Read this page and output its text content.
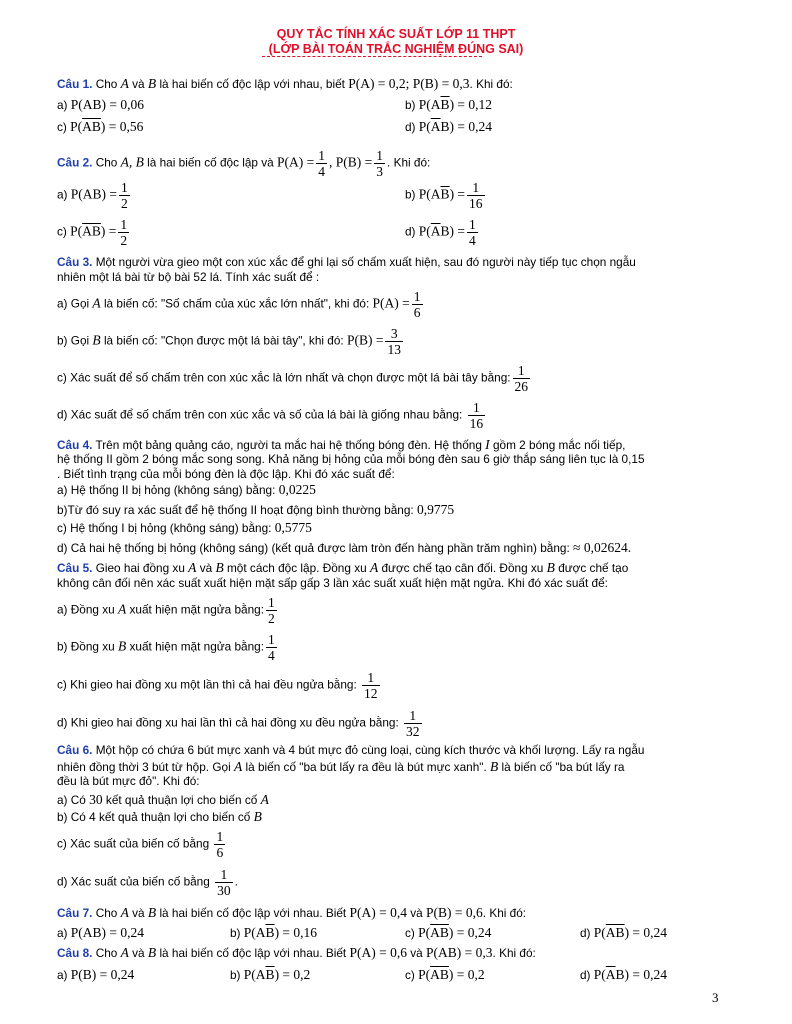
QUY TẮC TÍNH XÁC SUẤT LỚP 11 THPT
(LỚP BÀI TOÁN TRẮC NGHIỆM ĐÚNG SAI)
Câu 1. Cho A và B là hai biến cố độc lập với nhau, biết P(A) = 0,2; P(B) = 0,3. Khi đó:
a) P(AB) = 0,06	b) $P(A\overline{B}) = 0,12$
c) $P(\overline{AB}) = 0,56$	d) $P(\overline{A}B) = 0,24$
Câu 2. Cho A, B là hai biến cố độc lập và $P(A) = \frac{1}{4}$ , $P(B) = \frac{1}{3}$ . Khi đó:
a) $P(AB) = \frac{1}{2}$	b) $P(A\overline{B}) = \frac{1}{16}$
c) $P(\overline{AB}) = \frac{1}{2}$	d) $P(\overline{A}B) = \frac{1}{4}$
Câu 3. Một người vừa gieo một con xúc xắc để ghi lại số chấm xuất hiện, sau đó người này tiếp tục chọn ngẫu
nhiên một lá bài từ bộ bài 52 lá. Tính xác suất để :
a) Gọi A là biến cố: "Số chấm của xúc xắc lớn nhất", khi đó: $P(A) = \frac{1}{6}$
b) Gọi B là biến cố: "Chọn được một lá bài tây", khi đó: $P(B) = \frac{3}{13}$
c) Xác suất để số chấm trên con xúc xắc là lớn nhất và chọn được một lá bài tây bằng: $\frac{1}{26}$
d) Xác suất để số chấm trên con xúc xắc và số của lá bài là giống nhau bằng: $\frac{1}{16}$
Câu 4. Trên một bảng quảng cáo, người ta mắc hai hệ thống bóng đèn. Hệ thống I gồm 2 bóng mắc nối tiếp,
hệ thống II gồm 2 bóng mắc song song. Khả năng bị hỏng của mỗi bóng đèn sau 6 giờ thắp sáng liên tục là 0,15
. Biết tình trạng của mỗi bóng đèn là độc lập. Khi đó xác suất để:
a) Hệ thống II bị hỏng (không sáng) bằng: 0,0225
b)Từ đó suy ra xác suất để hệ thống II hoạt động bình thường bằng: 0,9775
c) Hệ thống I bị hỏng (không sáng) bằng: 0,5775
d) Cả hai hệ thống bị hỏng (không sáng) (kết quả được làm tròn đến hàng phần trăm nghìn) bằng: ≈ 0,02624.
Câu 5. Gieo hai đồng xu A và B một cách độc lập. Đồng xu A được chế tạo cân đối. Đồng xu B được chế tạo
không cân đối nên xác suất xuất hiện mặt sấp gấp 3 lần xác suất xuất hiện mặt ngửa. Khi đó xác suất để:
a) Đồng xu A xuất hiện mặt ngửa bằng: $\frac{1}{2}$
b) Đồng xu B xuất hiện mặt ngửa bằng: $\frac{1}{4}$
c) Khi gieo hai đồng xu một lần thì cả hai đều ngửa bằng: $\frac{1}{12}$
d) Khi gieo hai đồng xu hai lần thì cả hai đồng xu đều ngửa bằng: $\frac{1}{32}$
Câu 6. Một hộp có chứa 6 bút mực xanh và 4 bút mực đỏ cùng loại, cùng kích thước và khối lượng. Lấy ra ngẫu
nhiên đồng thời 3 bút từ hộp. Gọi A là biến cố "ba bút lấy ra đều là bút mực xanh". B là biến cố "ba bút lấy ra
đều là bút mực đỏ". Khi đó:
a) Có 30 kết quả thuận lợi cho biến cố A
b) Có 4 kết quả thuận lợi cho biến cố B
c) Xác suất của biến cố bằng $\frac{1}{6}$
d) Xác suất của biến cố bằng $\frac{1}{30}$ .
Câu 7. Cho A và B là hai biến cố độc lập với nhau. Biết P(A) = 0,4 và P(B) = 0,6. Khi đó:
a) P(AB) = 0,24	b) $P(A\overline{B}) = 0,16$	c) $P(\overline{A}\overline{B}) = 0,24$	d) $P(\overline{AB}) = 0,24$
Câu 8. Cho A và B là hai biến cố độc lập với nhau. Biết P(A) = 0,6 và P(AB) = 0,3. Khi đó:
a) P(B) = 0,24	b) $P(A\overline{B}) = 0,2$	c) $P(\overline{A}\overline{B}) = 0,2$	d) $P(\overline{A}B) = 0,24$
3
